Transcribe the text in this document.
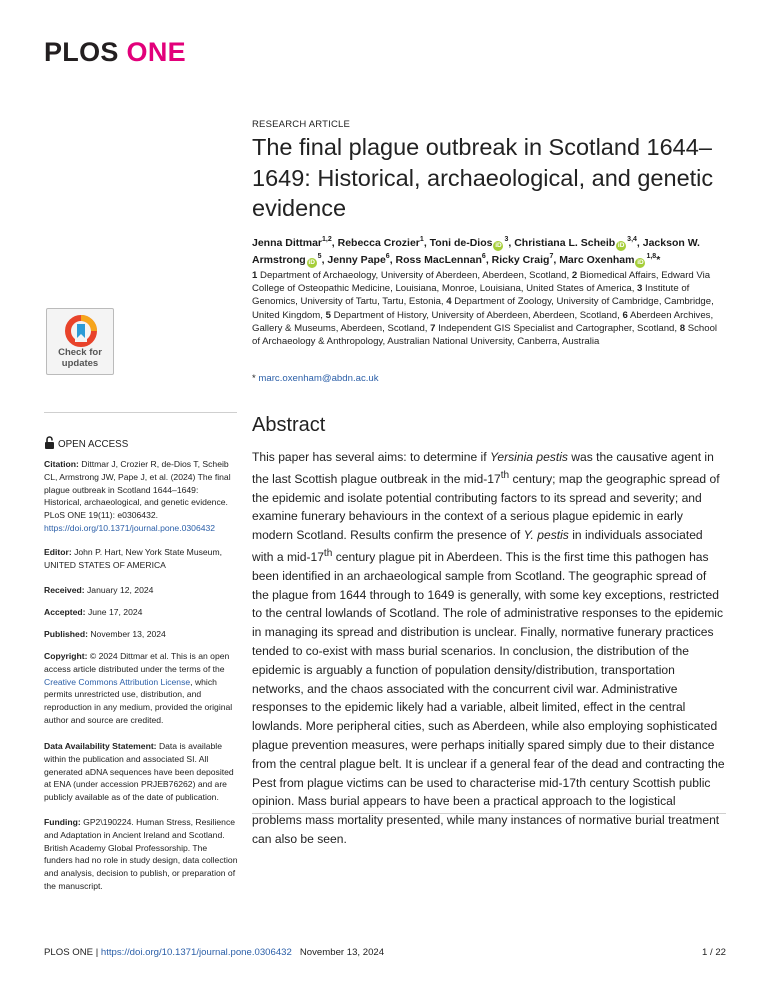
PLOS ONE
Check for
updates
OPEN ACCESS
Citation: Dittmar J, Crozier R, de-Dios T, Scheib CL, Armstrong JW, Pape J, et al. (2024) The final plague outbreak in Scotland 1644–1649: Historical, archaeological, and genetic evidence. PLoS ONE 19(11): e0306432. https://doi.org/10.1371/journal.pone.0306432
Editor: John P. Hart, New York State Museum, UNITED STATES OF AMERICA
Received: January 12, 2024
Accepted: June 17, 2024
Published: November 13, 2024
Copyright: © 2024 Dittmar et al. This is an open access article distributed under the terms of the Creative Commons Attribution License, which permits unrestricted use, distribution, and reproduction in any medium, provided the original author and source are credited.
Data Availability Statement: Data is available within the publication and associated SI. All generated aDNA sequences have been deposited at ENA (under accession PRJEB76262) and are publicly available as of the date of publication.
Funding: GP2\190224. Human Stress, Resilience and Adaptation in Ancient Ireland and Scotland. British Academy Global Professorship. The funders had no role in study design, data collection and analysis, decision to publish, or preparation of the manuscript.
RESEARCH ARTICLE
The final plague outbreak in Scotland 1644–1649: Historical, archaeological, and genetic evidence
Jenna Dittmar$^{1,2}$, Rebecca Crozier$^1$, Toni de-Dios $iD^3$, Christiana L. Scheib iD$^{3,4}$, Jackson W. Armstrong $iD^5$, Jenny Pape$^6$, Ross MacLennan$^6$, Ricky Craig$^7$, Marc Oxenham iD$^{1,8}$*
1 Department of Archaeology, University of Aberdeen, Aberdeen, Scotland, 2 Biomedical Affairs, Edward Via College of Osteopathic Medicine, Louisiana, Monroe, Louisiana, United States of America, 3 Institute of Genomics, University of Tartu, Tartu, Estonia, 4 Department of Zoology, University of Cambridge, Cambridge, United Kingdom, 5 Department of History, University of Aberdeen, Aberdeen, Scotland, 6 Aberdeen Archives, Gallery & Museums, Aberdeen, Scotland, 7 Independent GIS Specialist and Cartographer, Scotland, 8 School of Archaeology & Anthropology, Australian National University, Canberra, Australia
* marc.oxenham@abdn.ac.uk
Abstract
This paper has several aims: to determine if Yersinia pestis was the causative agent in the last Scottish plague outbreak in the mid-17th century; map the geographic spread of the epidemic and isolate potential contributing factors to its spread and severity; and examine funerary behaviours in the context of a serious plague epidemic in early modern Scotland. Results confirm the presence of Y. pestis in individuals associated with a mid-17th century plague pit in Aberdeen. This is the first time this pathogen has been identified in an archaeological sample from Scotland. The geographic spread of the plague from 1644 through to 1649 is generally, with some key exceptions, restricted to the central lowlands of Scotland. The role of administrative responses to the epidemic in managing its spread and distribution is unclear. Finally, normative funerary practices tended to co-exist with mass burial scenarios. In conclusion, the distribution of the epidemic is arguably a function of population density/distribution, transportation networks, and the chaos associated with the concurrent civil war. Administrative responses to the epidemic likely had a variable, albeit limited, effect in the central lowlands. More peripheral cities, such as Aberdeen, while also employing sophisticated plague prevention measures, were perhaps initially spared simply due to their distance from the central plague belt. It is unclear if a general fear of the dead and contracting the Pest from plague victims can be used to characterise mid-17th century Scottish public opinion. Mass burial appears to have been a practical approach to the logistical problems mass mortality presented, while many instances of normative burial treatment can also be seen.
PLOS ONE | https://doi.org/10.1371/journal.pone.0306432   November 13, 2024	1 / 22
